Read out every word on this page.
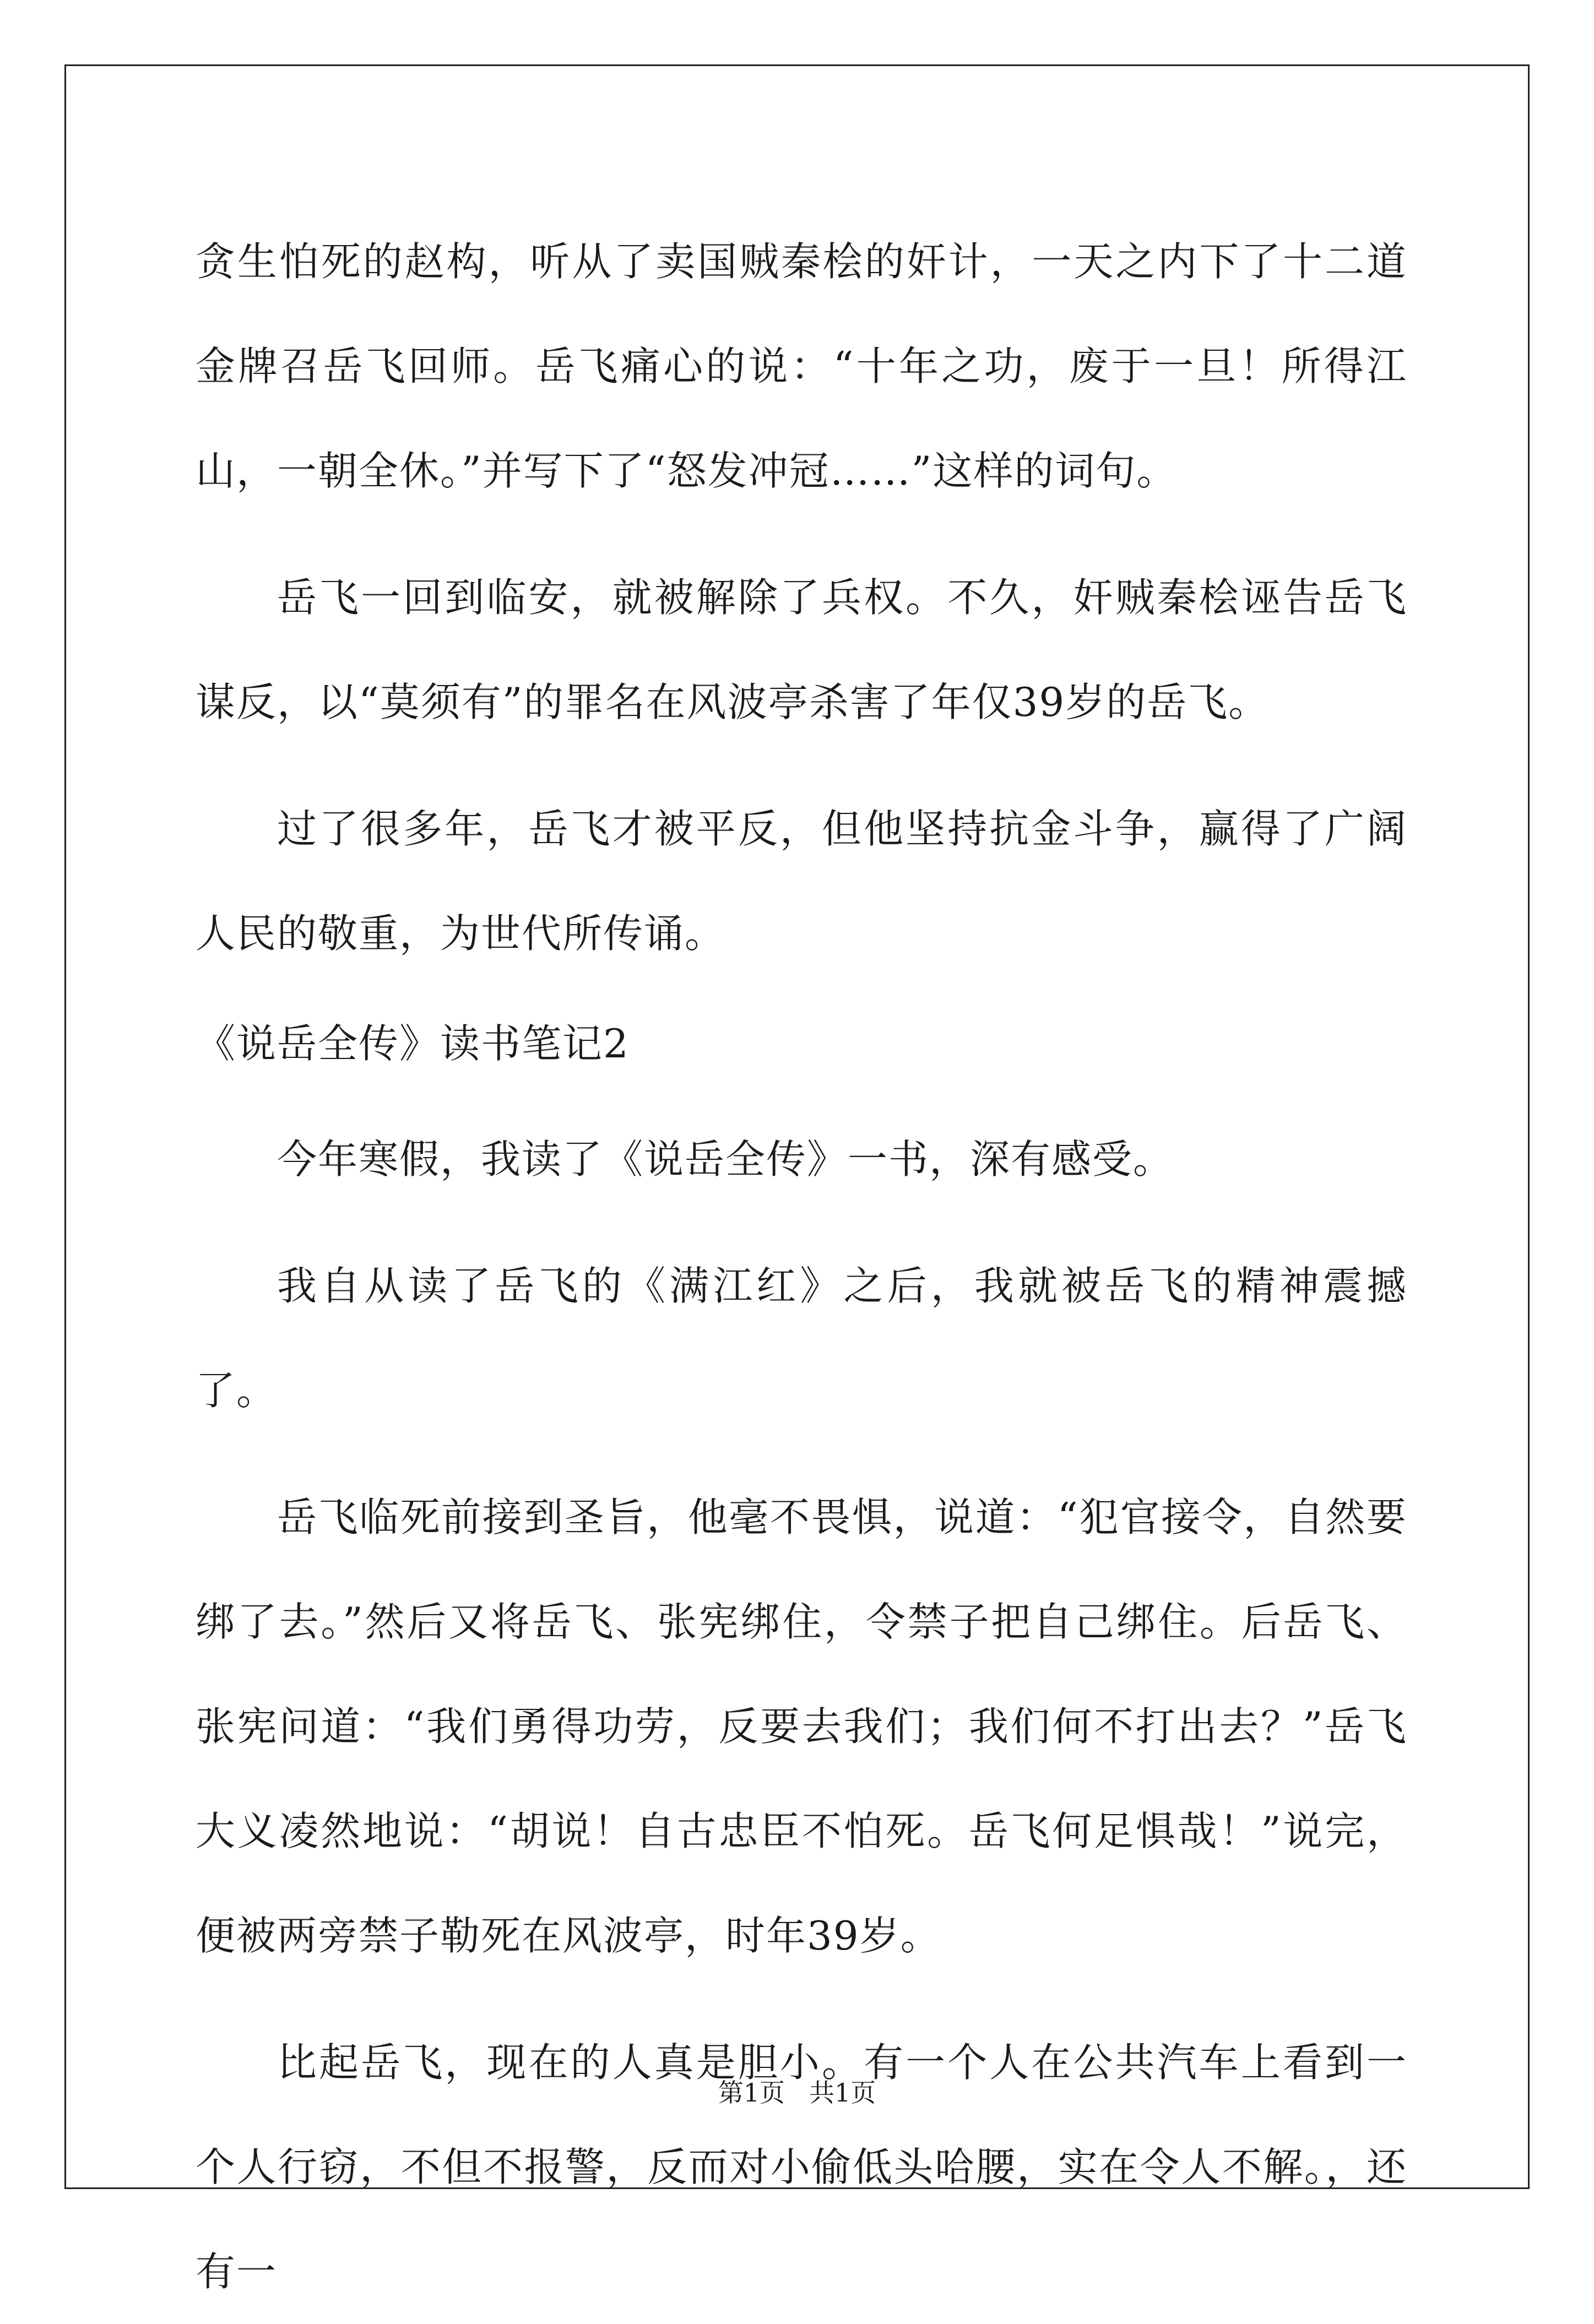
贪生怕死的赵构，听从了卖国贼秦桧的奸计，一天之内下了十二道金牌召岳飞回师。岳飞痛心的说：“十年之功，废于一旦！所得江山，一朝全休。”并写下了“怒发冲冠……”这样的词句。

岳飞一回到临安，就被解除了兵权。不久，奸贼秦桧诬告岳飞谋反，以“莫须有”的罪名在风波亭杀害了年仅39岁的岳飞。

过了很多年，岳飞才被平反，但他坚持抗金斗争，赢得了广阔人民的敬重，为世代所传诵。

《说岳全传》读书笔记2

今年寒假，我读了《说岳全传》一书，深有感受。

我自从读了岳飞的《满江红》之后，我就被岳飞的精神震撼了。

岳飞临死前接到圣旨，他毫不畏惧，说道：“犯官接令，自然要绑了去。”然后又将岳飞、张宪绑住，令禁子把自己绑住。后岳飞、张宪问道：“我们勇得功劳，反要去我们；我们何不打出去？”岳飞大义凌然地说：“胡说！自古忠臣不怕死。岳飞何足惧哉！”说完，便被两旁禁子勒死在风波亭，时年39岁。

比起岳飞，现在的人真是胆小。有一个人在公共汽车上看到一个人行窃，不但不报警，反而对小偷低头哈腰，实在令人不解。，还有一

第1页 共1页
